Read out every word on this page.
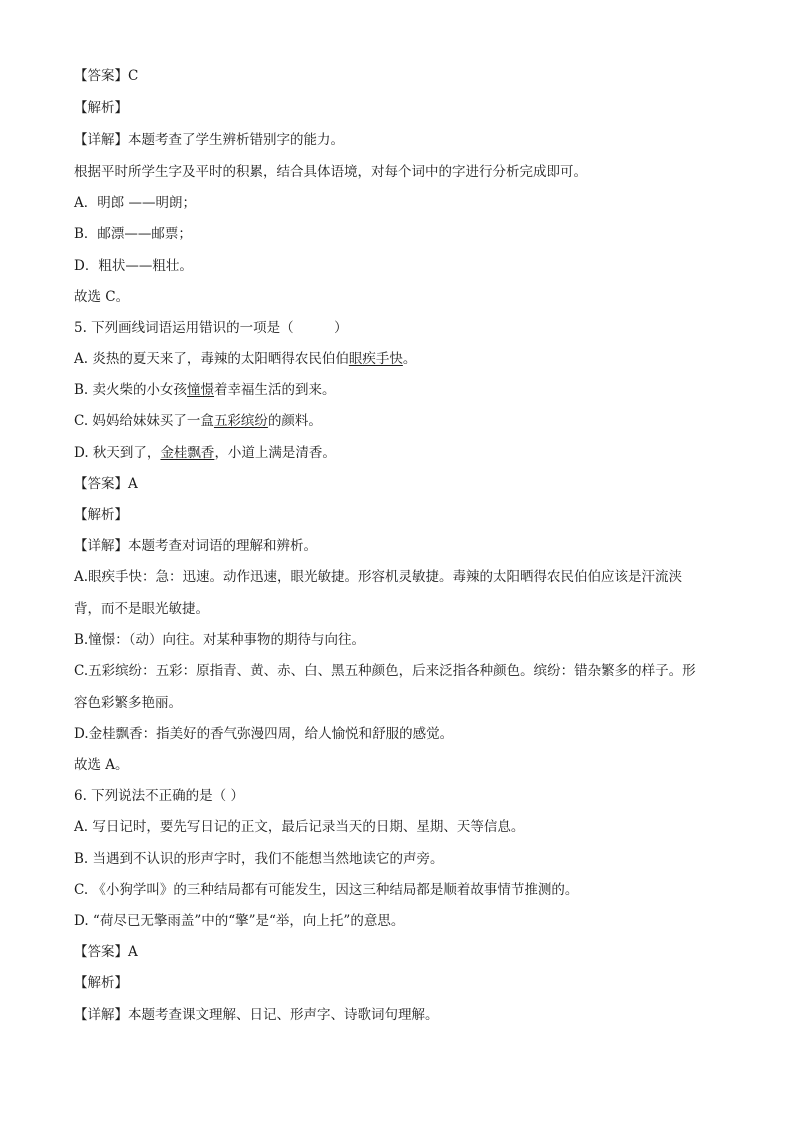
【答案】C
【解析】
【详解】本题考查了学生辨析错别字的能力。
根据平时所学生字及平时的积累，结合具体语境，对每个词中的字进行分析完成即可。
A．明郎 ——明朗；
B．邮漂——邮票；
D．粗状——粗壮。
故选 C。
5. 下列画线词语运用错识的一项是（　　　）
A. 炎热的夏天来了，毒辣的太阳晒得农民伯伯眼疾手快。
B. 卖火柴的小女孩憧憬着幸福生活的到来。
C. 妈妈给妹妹买了一盒五彩缤纷的颜料。
D. 秋天到了，金桂飘香，小道上满是清香。
【答案】A
【解析】
【详解】本题考查对词语的理解和辨析。
A.眼疾手快：急：迅速。动作迅速，眼光敏捷。形容机灵敏捷。毒辣的太阳晒得农民伯伯应该是汗流浃
背，而不是眼光敏捷。
B.憧憬：（动）向往。对某种事物的期待与向往。
C.五彩缤纷：五彩：原指青、黄、赤、白、黑五种颜色，后来泛指各种颜色。缤纷：错杂繁多的样子。形
容色彩繁多艳丽。
D.金桂飘香：指美好的香气弥漫四周，给人愉悦和舒服的感觉。
故选 A。
6. 下列说法不正确的是（ ）
A. 写日记时，要先写日记的正文，最后记录当天的日期、星期、天等信息。
B. 当遇到不认识的形声字时，我们不能想当然地读它的声旁。
C. 《小狗学叫》的三种结局都有可能发生，因这三种结局都是顺着故事情节推测的。
D. “荷尽已无擎雨盖”中的“擎”是“举，向上托”的意思。
【答案】A
【解析】
【详解】本题考查课文理解、日记、形声字、诗歌词句理解。
